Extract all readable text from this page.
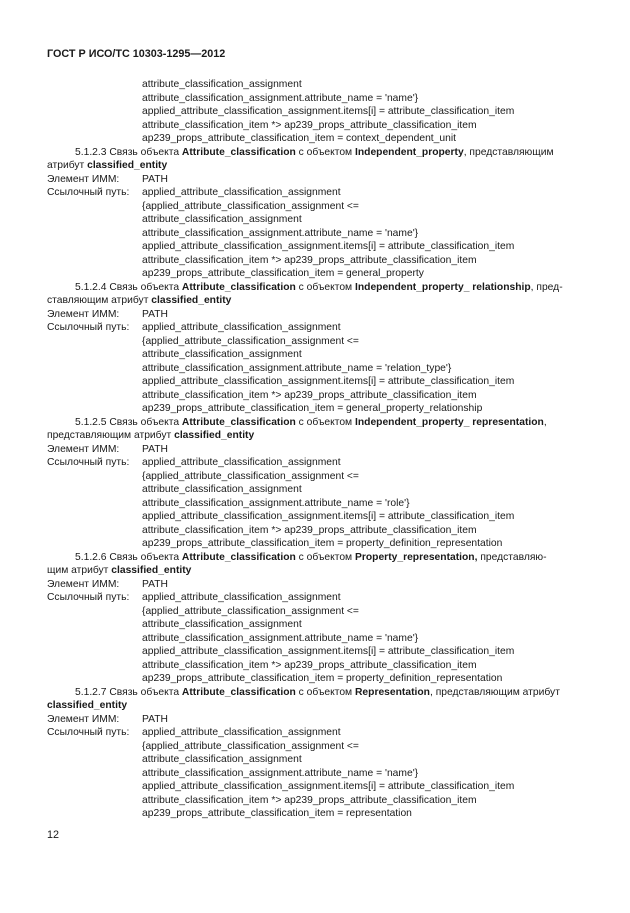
ГОСТ Р ИСО/ТС 10303-1295—2012
attribute_classification_assignment
attribute_classification_assignment.attribute_name = 'name'}
applied_attribute_classification_assignment.items[i] = attribute_classification_item
attribute_classification_item *> ap239_props_attribute_classification_item
ap239_props_attribute_classification_item = context_dependent_unit
5.1.2.3 Связь объекта Attribute_classification с объектом Independent_property, представляющим
атрибут classified_entity
Элемент ИММ:	PATH
Ссылочный путь:	applied_attribute_classification_assignment
{applied_attribute_classification_assignment <=
attribute_classification_assignment
attribute_classification_assignment.attribute_name = 'name'}
applied_attribute_classification_assignment.items[i] = attribute_classification_item
attribute_classification_item *> ap239_props_attribute_classification_item
ap239_props_attribute_classification_item = general_property
5.1.2.4 Связь объекта Attribute_classification с объектом Independent_property_ relationship, пред-
ставляющим атрибут classified_entity
Элемент ИММ:	PATH
Ссылочный путь:	applied_attribute_classification_assignment
{applied_attribute_classification_assignment <=
attribute_classification_assignment
attribute_classification_assignment.attribute_name = 'relation_type'}
applied_attribute_classification_assignment.items[i] = attribute_classification_item
attribute_classification_item *> ap239_props_attribute_classification_item
ap239_props_attribute_classification_item = general_property_relationship
5.1.2.5 Связь объекта Attribute_classification с объектом Independent_property_ representation,
представляющим атрибут classified_entity
Элемент ИММ:	PATH
Ссылочный путь:	applied_attribute_classification_assignment
{applied_attribute_classification_assignment <=
attribute_classification_assignment
attribute_classification_assignment.attribute_name = 'role'}
applied_attribute_classification_assignment.items[i] = attribute_classification_item
attribute_classification_item *> ap239_props_attribute_classification_item
ap239_props_attribute_classification_item = property_definition_representation
5.1.2.6 Связь объекта Attribute_classification с объектом Property_representation, представляю-
щим атрибут classified_entity
Элемент ИММ:	PATH
Ссылочный путь:	applied_attribute_classification_assignment
{applied_attribute_classification_assignment <=
attribute_classification_assignment
attribute_classification_assignment.attribute_name = 'name'}
applied_attribute_classification_assignment.items[i] = attribute_classification_item
attribute_classification_item *> ap239_props_attribute_classification_item
ap239_props_attribute_classification_item = property_definition_representation
5.1.2.7 Связь объекта Attribute_classification с объектом Representation, представляющим атрибут
classified_entity
Элемент ИММ:	PATH
Ссылочный путь:	applied_attribute_classification_assignment
{applied_attribute_classification_assignment <=
attribute_classification_assignment
attribute_classification_assignment.attribute_name = 'name'}
applied_attribute_classification_assignment.items[i] = attribute_classification_item
attribute_classification_item *> ap239_props_attribute_classification_item
ap239_props_attribute_classification_item = representation
12
